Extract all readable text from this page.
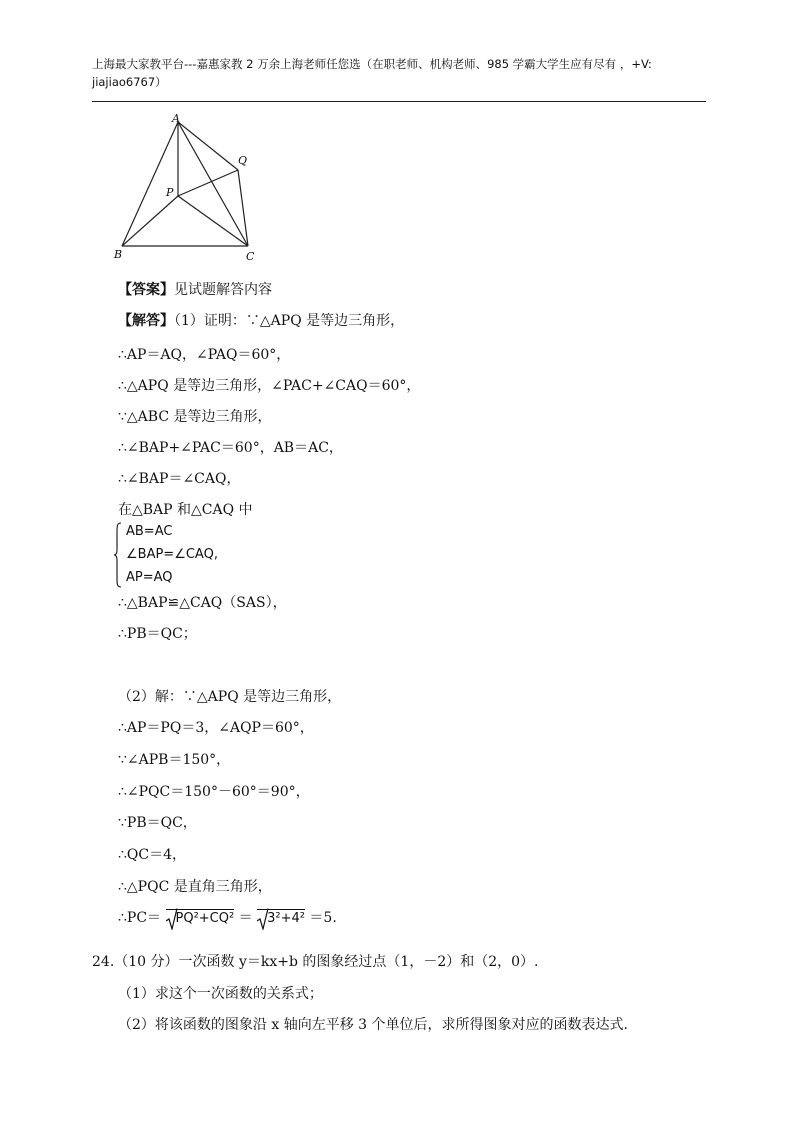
上海最大家教平台---嘉惠家教 2 万余上海老师任您选（在职老师、机构老师、985 学霸大学生应有尽有 ，+V:
jiajiao6767）
A
Q
P
B	C
【答案】见试题解答内容
【解答】（1）证明：∵△APQ 是等边三角形，
∴AP＝AQ，∠PAQ＝60°，
∴△APQ 是等边三角形，∠PAC+∠CAQ＝60°，
∵△ABC 是等边三角形，
∴∠BAP+∠PAC＝60°，AB＝AC，
∴∠BAP＝∠CAQ，
在△BAP 和△CAQ 中
AB=AC
∠BAP=∠CAQ,
AP=AQ
∴△BAP≌△CAQ（SAS），
∴PB＝QC；
（2）解：∵△APQ 是等边三角形，
∴AP＝PQ＝3，∠AQP＝60°，
∵∠APB＝150°，
∴∠PQC＝150°－60°＝90°，
∵PB＝QC，
∴QC＝4，
∴△PQC 是直角三角形，
∴PC＝ PQ²+CQ² ＝ 3²+4² ＝5.
24.（10 分）一次函数 y＝kx+b 的图象经过点（1，－2）和（2，0）.
（1）求这个一次函数的关系式；
（2）将该函数的图象沿 x 轴向左平移 3 个单位后，求所得图象对应的函数表达式.
